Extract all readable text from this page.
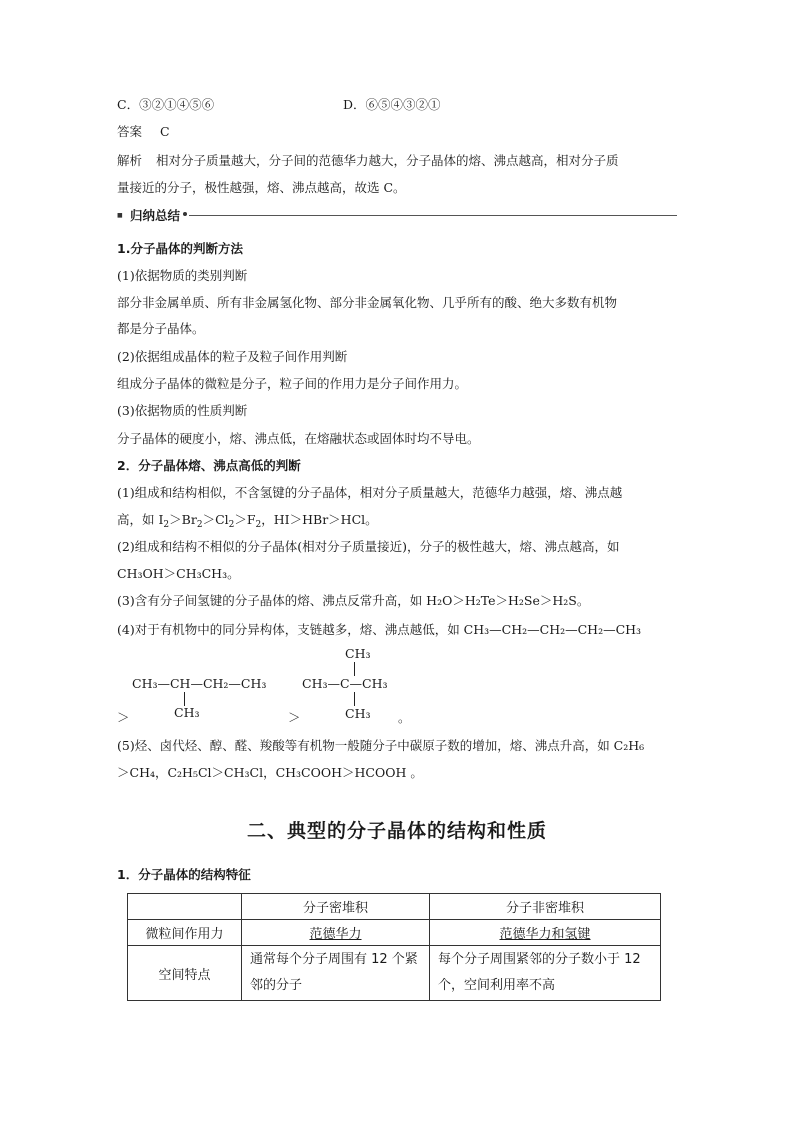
C．③②①④⑤⑥	D．⑥⑤④③②①
答案 C
解析 相对分子质量越大，分子间的范德华力越大，分子晶体的熔、沸点越高，相对分子质
量接近的分子，极性越强，熔、沸点越高，故选 C。
■ 归纳总结
1.分子晶体的判断方法
(1)依据物质的类别判断
部分非金属单质、所有非金属氢化物、部分非金属氧化物、几乎所有的酸、绝大多数有机物
都是分子晶体。
(2)依据组成晶体的粒子及粒子间作用判断
组成分子晶体的微粒是分子，粒子间的作用力是分子间作用力。
(3)依据物质的性质判断
分子晶体的硬度小，熔、沸点低，在熔融状态或固体时均不导电。
2．分子晶体熔、沸点高低的判断
(1)组成和结构相似，不含氢键的分子晶体，相对分子质量越大，范德华力越强，熔、沸点越
高，如 $I_2>Br_2>Cl_2>F_2$，HI＞HBr＞HCl。
(2)组成和结构不相似的分子晶体(相对分子质量接近)，分子的极性越大，熔、沸点越高，如
CH₃OH＞CH₃CH₃。
(3)含有分子间氢键的分子晶体的熔、沸点反常升高，如 H₂O＞H₂Te＞H₂Se＞H₂S。
(4)对于有机物中的同分异构体，支链越多，熔、沸点越低，如 CH₃—CH₂—CH₂—CH₂—CH₃
CH₃—CH—CH₂—CH₃
CH₃
CH₃
CH₃—C—CH₃
CH₃
＞	＞	。
(5)烃、卤代烃、醇、醛、羧酸等有机物一般随分子中碳原子数的增加，熔、沸点升高，如 C₂H₆
＞CH₄，C₂H₅Cl＞CH₃Cl，CH₃COOH＞HCOOH 。
二、典型的分子晶体的结构和性质
1．分子晶体的结构特征
	分子密堆积	分子非密堆积
微粒间作用力	范德华力	范德华力和氢键
空间特点	通常每个分子周围有 12 个紧邻的分子	每个分子周围紧邻的分子数小于 12 个，空间利用率不高
